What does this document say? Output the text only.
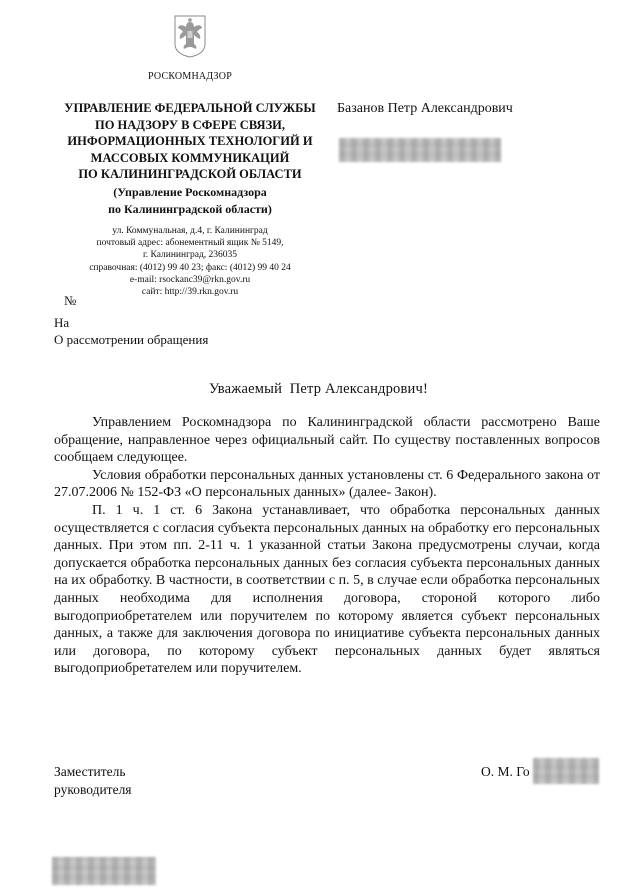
РОСКОМНАДЗОР
УПРАВЛЕНИЕ ФЕДЕРАЛЬНОЙ СЛУЖБЫ
ПО НАДЗОРУ В СФЕРЕ СВЯЗИ,
ИНФОРМАЦИОННЫХ ТЕХНОЛОГИЙ И
МАССОВЫХ КОММУНИКАЦИЙ
ПО КАЛИНИНГРАДСКОЙ ОБЛАСТИ
(Управление Роскомнадзора
по Калининградской области)
ул. Коммунальная, д.4, г. Калининград
почтовый адрес: абонементный ящик № 5149,
г. Калининград, 236035
справочная: (4012) 99 40 23; факс: (4012) 99 40 24
e-mail: rsockanc39@rkn.gov.ru
сайт: http://39.rkn.gov.ru
Базанов Петр Александрович
№
На
О рассмотрении обращения
Уважаемый  Петр Александрович!

Управлением Роскомнадзора по Калининградской области рассмотрено Ваше обращение, направленное через официальный сайт. По существу поставленных вопросов сообщаем следующее.

Условия обработки персональных данных установлены ст. 6 Федерального закона от 27.07.2006 № 152-ФЗ «О персональных данных» (далее- Закон).

П. 1 ч. 1 ст. 6 Закона устанавливает, что обработка персональных данных осуществляется с согласия субъекта персональных данных на обработку его персональных данных. При этом пп. 2-11 ч. 1 указанной статьи Закона предусмотрены случаи, когда допускается обработка персональных данных без согласия субъекта персональных данных на их обработку. В частности, в соответствии с п. 5, в случае если обработка персональных данных необходима для исполнения договора, стороной которого либо выгодоприобретателем или поручителем по которому является субъект персональных данных, а также для заключения договора по инициативе субъекта персональных данных или договора, по которому субъект персональных данных будет являться выгодоприобретателем или поручителем.

Заместитель
руководителя
О. М. Го
